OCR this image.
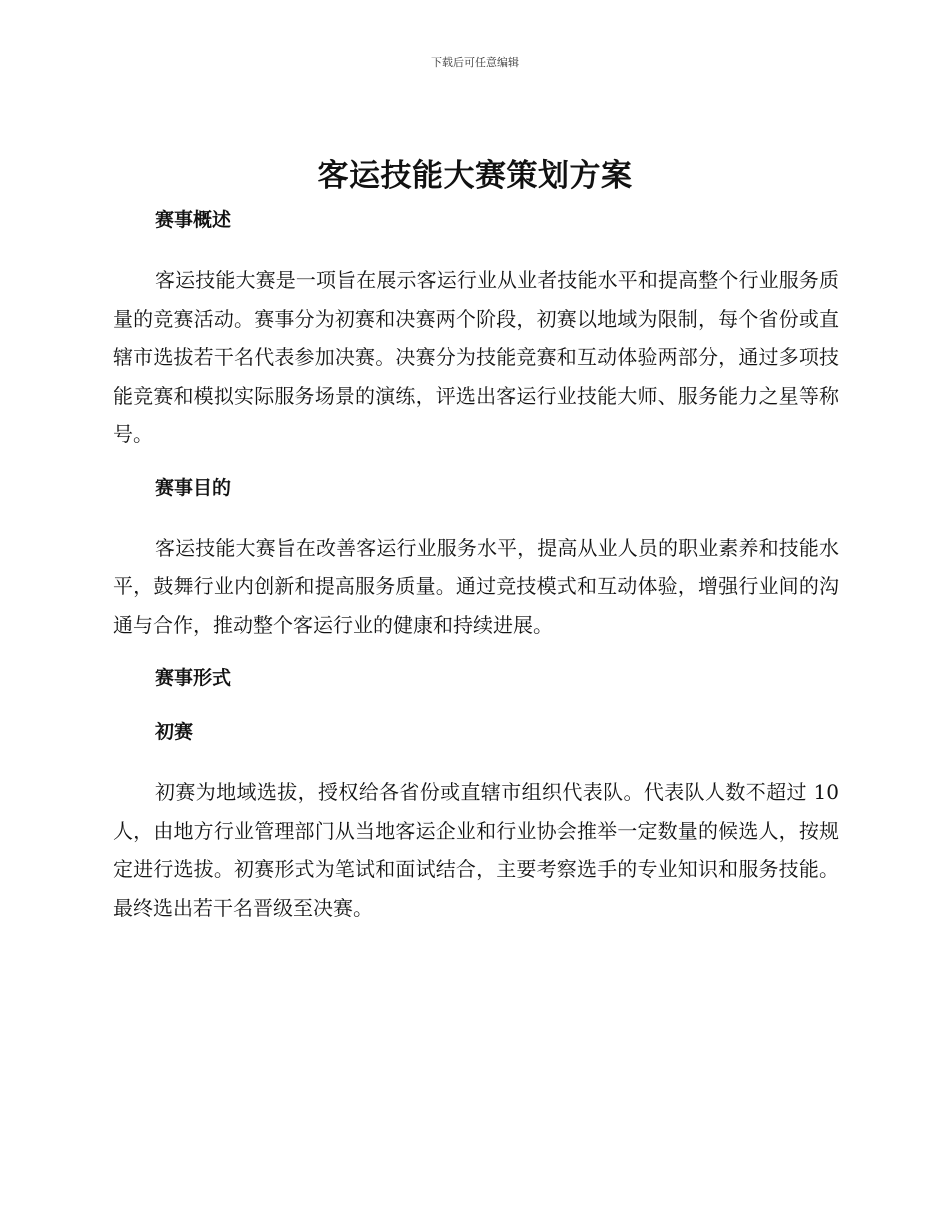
下载后可任意编辑
客运技能大赛策划方案
赛事概述

客运技能大赛是一项旨在展示客运行业从业者技能水平和提高整个行业服务质量的竞赛活动。赛事分为初赛和决赛两个阶段，初赛以地域为限制，每个省份或直辖市选拔若干名代表参加决赛。决赛分为技能竞赛和互动体验两部分，通过多项技能竞赛和模拟实际服务场景的演练，评选出客运行业技能大师、服务能力之星等称号。

赛事目的

客运技能大赛旨在改善客运行业服务水平，提高从业人员的职业素养和技能水平，鼓舞行业内创新和提高服务质量。通过竞技模式和互动体验，增强行业间的沟通与合作，推动整个客运行业的健康和持续进展。

赛事形式
初赛

初赛为地域选拔，授权给各省份或直辖市组织代表队。代表队人数不超过 10 人，由地方行业管理部门从当地客运企业和行业协会推举一定数量的候选人，按规定进行选拔。初赛形式为笔试和面试结合，主要考察选手的专业知识和服务技能。最终选出若干名晋级至决赛。
